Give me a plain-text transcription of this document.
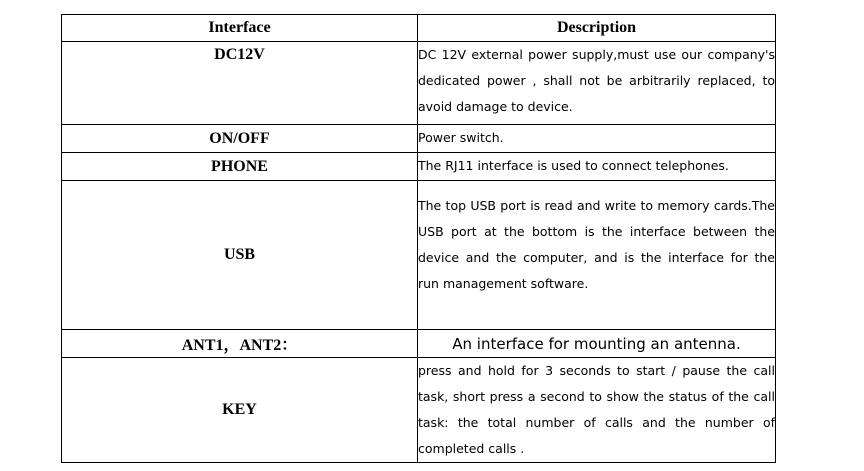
Interface	Description
DC12V	DC 12V external power supply,must use our company's dedicated power , shall not be arbitrarily replaced, to avoid damage to device.
ON/OFF	Power switch.
PHONE	The RJ11 interface is used to connect telephones.
USB	The top USB port is read and write to memory cards.The USB port at the bottom is the interface between the device and the computer, and is the interface for the run management software.
ANT1，ANT2：	An interface for mounting an antenna.
KEY	press and hold for 3 seconds to start / pause the call task, short press a second to show the status of the call task: the total number of calls and the number of completed calls .
